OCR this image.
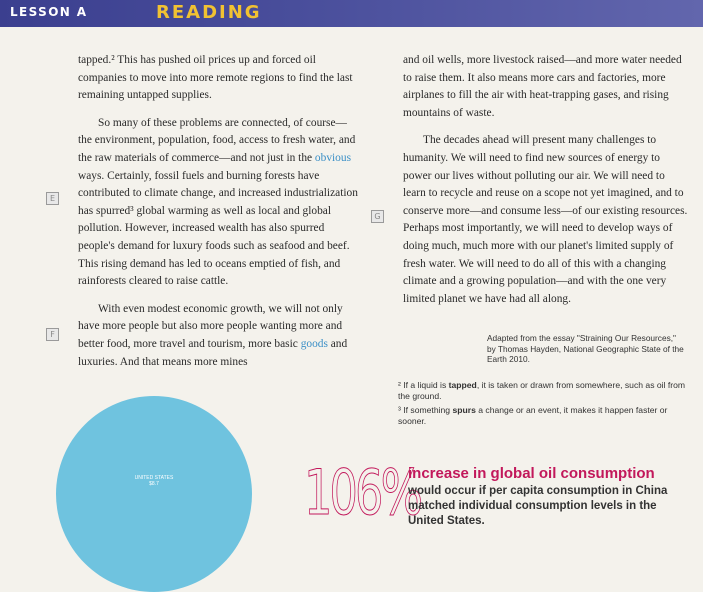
LESSON A	READING

tapped.² This has pushed oil prices up and forced oil companies to move into more remote regions to find the last remaining untapped supplies.

So many of these problems are connected, of course—the environment, population, food, access to fresh water, and the raw materials of commerce—and not just in the obvious ways. Certainly, fossil fuels and burning forests have contributed to climate change, and increased industrialization has spurred³ global warming as well as local and global pollution. However, increased wealth has also spurred people's demand for luxury foods such as seafood and beef. This rising demand has led to oceans emptied of fish, and rainforests cleared to raise cattle.

With even modest economic growth, we will not only have more people but also more people wanting more and better food, more travel and tourism, more basic goods and luxuries. And that means more mines

E
F
G

and oil wells, more livestock raised—and more water needed to raise them. It also means more cars and factories, more airplanes to fill the air with heat-trapping gases, and rising mountains of waste.

The decades ahead will present many challenges to humanity. We will need to find new sources of energy to power our lives without polluting our air. We will need to learn to recycle and reuse on a scope not yet imagined, and to conserve more—and consume less—of our existing resources. Perhaps most importantly, we will need to develop ways of doing much, much more with our planet's limited supply of fresh water. We will need to do all of this with a changing climate and a growing population—and with the one very limited planet we have had all along.

Adapted from the essay "Straining Our Resources," by Thomas Hayden, National Geographic State of the Earth 2010.
² If a liquid is tapped, it is taken or drawn from somewhere, such as oil from the ground.
³ If something spurs a change or an event, it makes it happen faster or sooner.
UNITED STATES
$8.7	106%
increase in global oil consumption
would occur if per capita consumption in China matched individual consumption levels in the United States.
